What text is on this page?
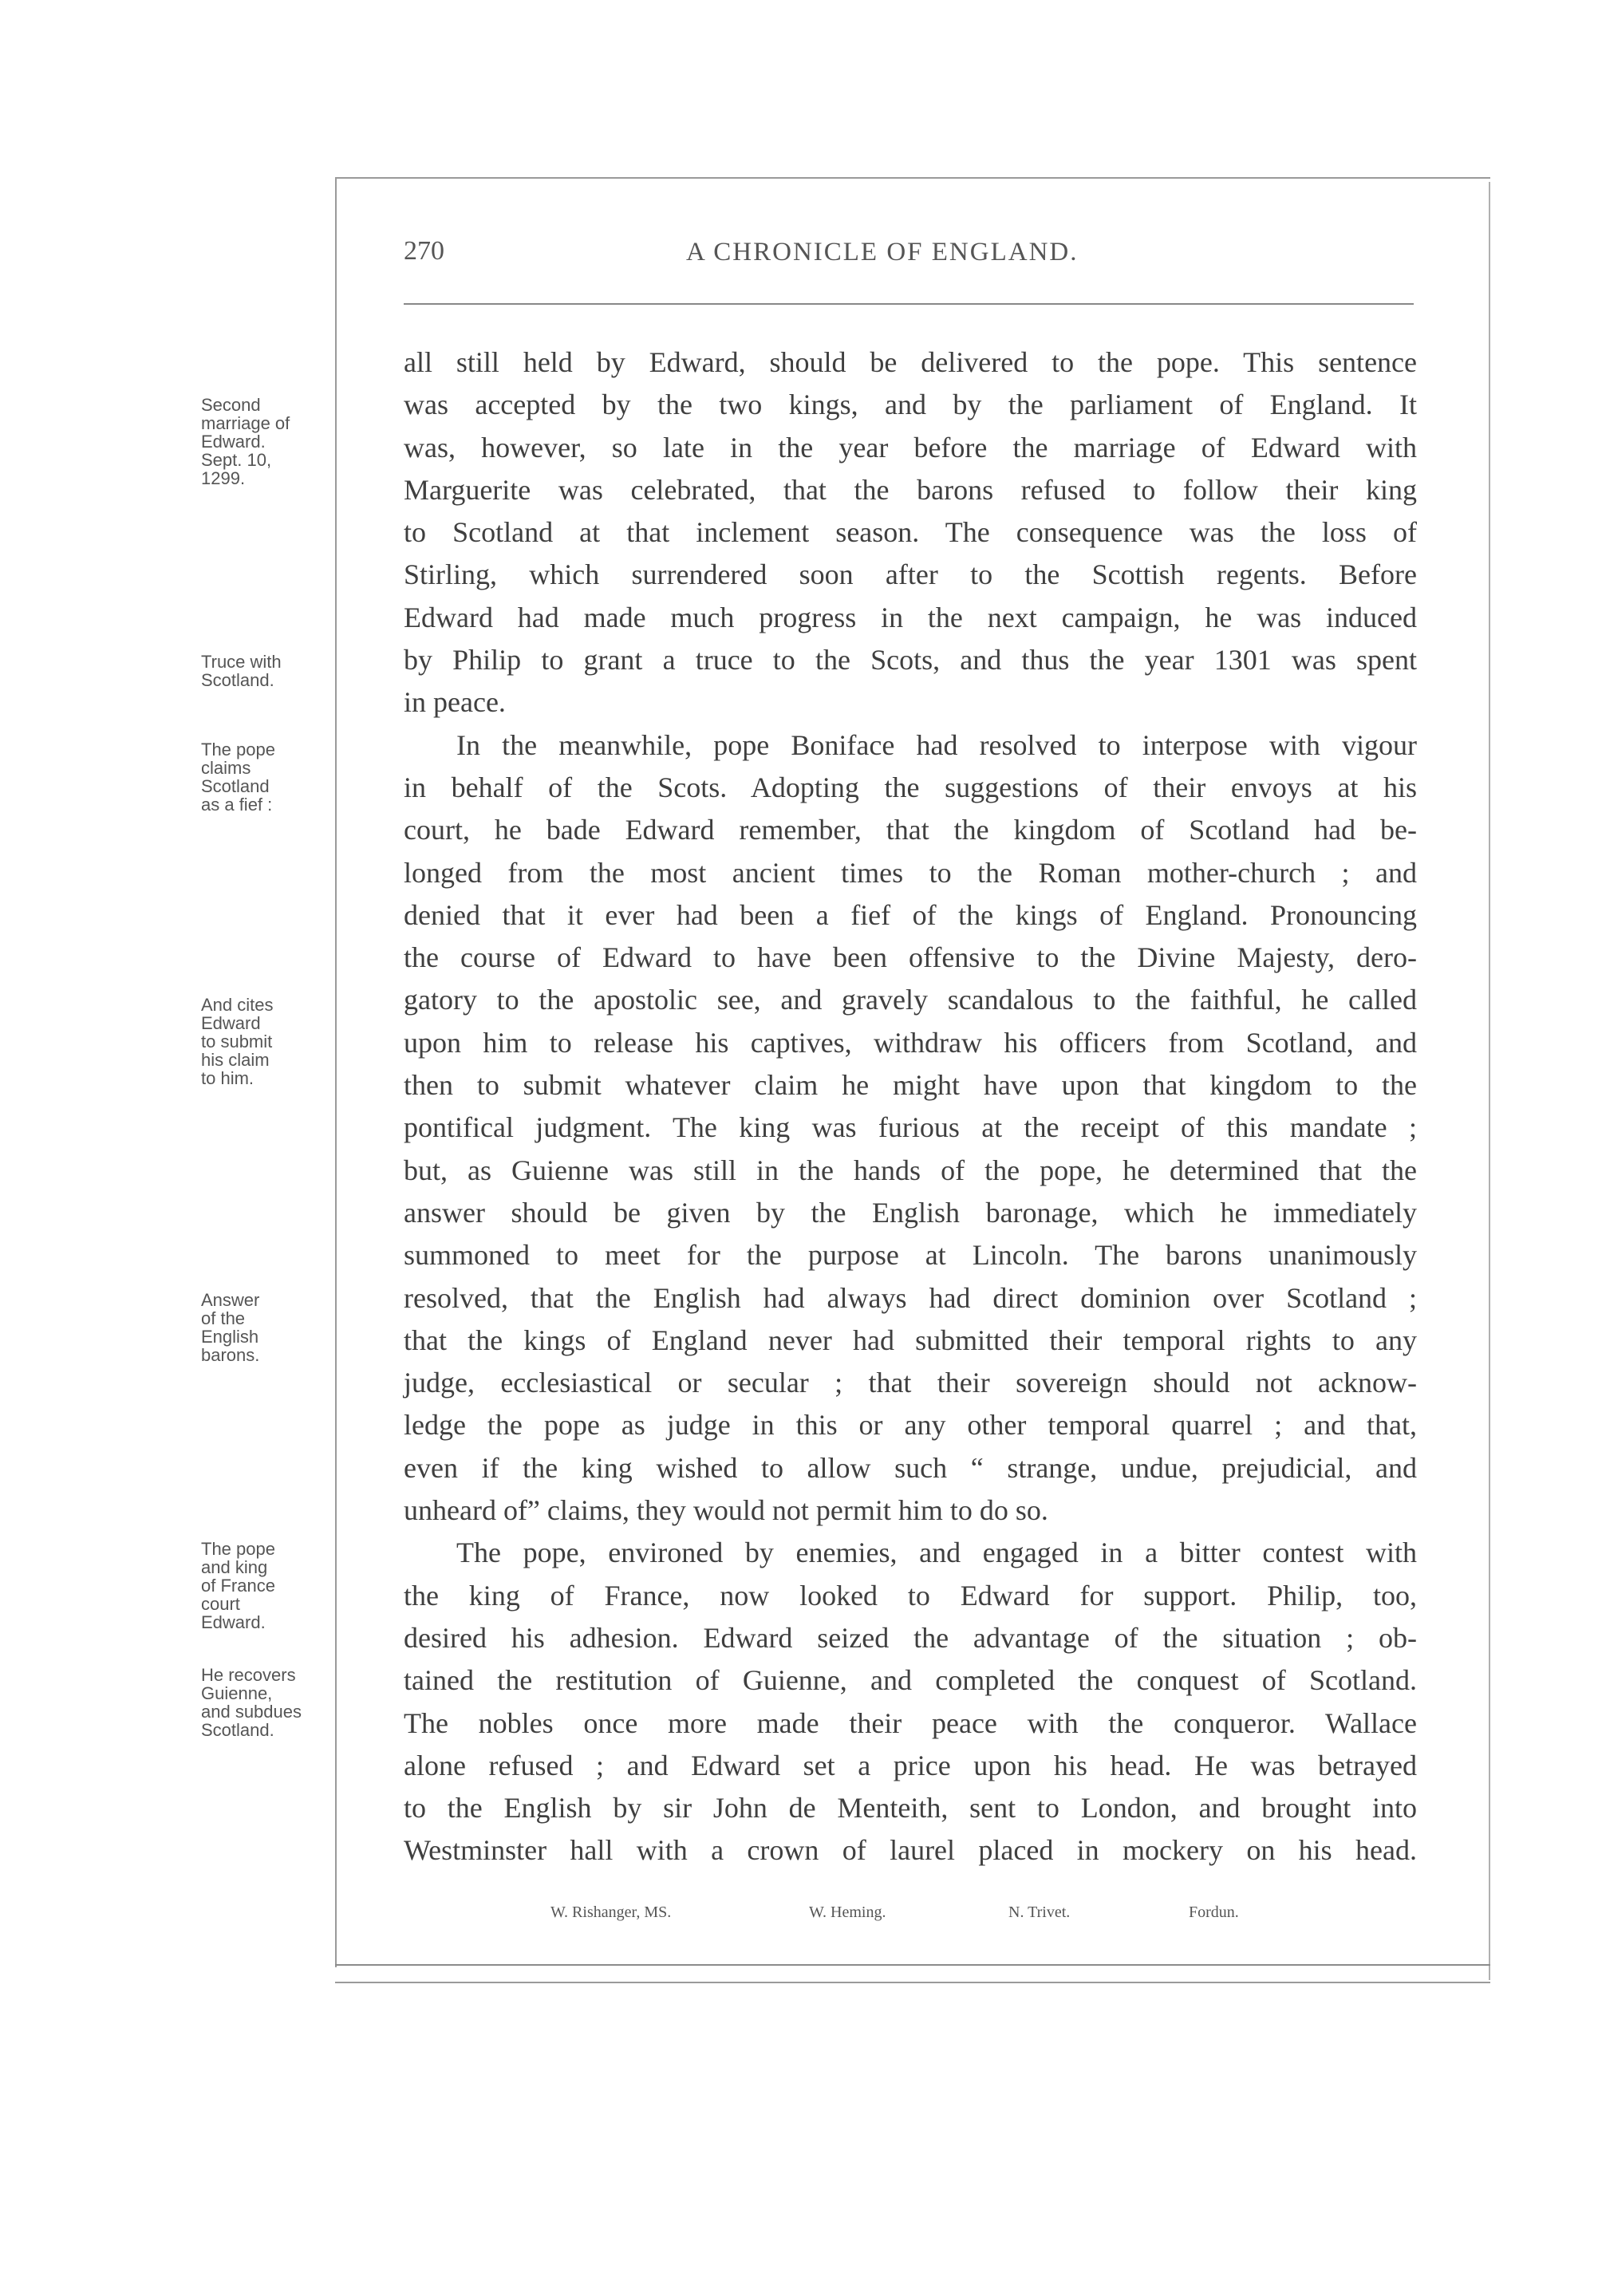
270	A CHRONICLE OF ENGLAND.
Second
marriage of
Edward.
Sept. 10,
1299.
Truce with
Scotland.
The pope
claims
Scotland
as a fief :
And cites
Edward
to submit
his claim
to him.
Answer
of the
English
barons.
The pope
and king
of France
court
Edward.
He recovers
Guienne,
and subdues
Scotland.

all still held by Edward, should be delivered to the pope. This sentence
was accepted by the two kings, and by the parliament of England. It
was, however, so late in the year before the marriage of Edward with
Marguerite was celebrated, that the barons refused to follow their king
to Scotland at that inclement season. The consequence was the loss of
Stirling, which surrendered soon after to the Scottish regents. Before
Edward had made much progress in the next campaign, he was induced
by Philip to grant a truce to the Scots, and thus the year 1301 was spent
in peace.

In the meanwhile, pope Boniface had resolved to interpose with vigour
in behalf of the Scots. Adopting the suggestions of their envoys at his
court, he bade Edward remember, that the kingdom of Scotland had be-
longed from the most ancient times to the Roman mother-church ; and
denied that it ever had been a fief of the kings of England. Pronouncing
the course of Edward to have been offensive to the Divine Majesty, dero-
gatory to the apostolic see, and gravely scandalous to the faithful, he called
upon him to release his captives, withdraw his officers from Scotland, and
then to submit whatever claim he might have upon that kingdom to the
pontifical judgment. The king was furious at the receipt of this mandate ;
but, as Guienne was still in the hands of the pope, he determined that the
answer should be given by the English baronage, which he immediately
summoned to meet for the purpose at Lincoln. The barons unanimously
resolved, that the English had always had direct dominion over Scotland ;
that the kings of England never had submitted their temporal rights to any
judge, ecclesiastical or secular ; that their sovereign should not acknow-
ledge the pope as judge in this or any other temporal quarrel ; and that,
even if the king wished to allow such “ strange, undue, prejudicial, and
unheard of” claims, they would not permit him to do so.

The pope, environed by enemies, and engaged in a bitter contest with
the king of France, now looked to Edward for support. Philip, too,
desired his adhesion. Edward seized the advantage of the situation ; ob-
tained the restitution of Guienne, and completed the conquest of Scotland.
The nobles once more made their peace with the conqueror. Wallace
alone refused ; and Edward set a price upon his head. He was betrayed
to the English by sir John de Menteith, sent to London, and brought into
Westminster hall with a crown of laurel placed in mockery on his head.

W. Rishanger, MS.	W. Heming.	N. Trivet.	Fordun.
